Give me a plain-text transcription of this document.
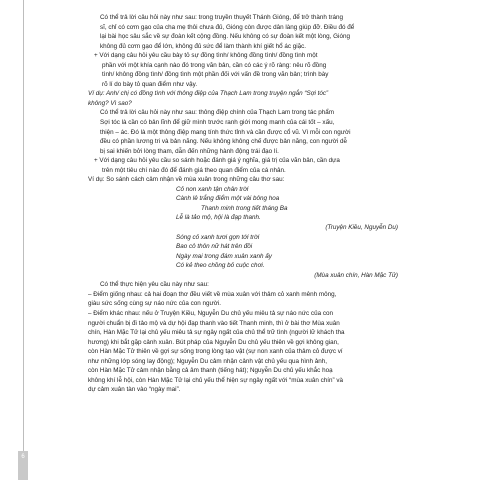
6

Có thể trả lời câu hỏi này như sau: trong truyền thuyết Thánh Gióng, để trở thành tráng
sĩ, chỉ có cơm gạo của cha mẹ thôi chưa đủ, Gióng còn được dân làng giúp đỡ. Điều đó để
lại bài học sâu sắc về sự đoàn kết cộng đồng. Nếu không có sự đoàn kết một lòng, Gióng
không đủ cơm gạo để lớn, không đủ sức để làm thành khí giết hổ ác giặc.

+ Với dạng câu hỏi yêu cầu bày tỏ sự đồng tình/ không đồng tình/ đồng tình một
phần với một khía cạnh nào đó trong văn bản, cần có các ý rõ ràng: nêu rõ đồng
tình/ không đồng tình/ đồng tình một phần đối với vấn đề trong văn bản; trình bày
rõ lí do bày tỏ quan điểm như vậy.

Ví dụ: Anh/ chị có đồng tình với thông điệp của Thạch Lam trong truyện ngắn “Sợi tóc”
không? Vì sao?

Có thể trả lời câu hỏi này như sau: thông điệp chính của Thạch Lam trong tác phẩm
Sợi tóc là cần có bản lĩnh để giữ mình trước ranh giới mong manh của cái tốt – xấu,
thiện – ác. Đó là một thông điệp mang tính thức tỉnh và cần được cổ vũ. Vì mỗi con người
đều có phần lương tri và bản năng. Nếu không không chế được bản năng, con người dễ
bị sai khiến bởi lòng tham, dẫn đến những hành động trái đạo lí.

+ Với dạng câu hỏi yêu cầu so sánh hoặc đánh giá ý nghĩa, giá trị của văn bản, cần dựa
trên một tiêu chí nào đó để đánh giá theo quan điểm của cá nhân.

Ví dụ: So sánh cách cảm nhận về mùa xuân trong những câu thơ sau:

Cỏ non xanh tận chân trời
Cành lê trắng điểm một vài bông hoa
Thanh minh trong tiết tháng Ba
Lễ là tảo mộ, hội là đạp thanh.
(Truyện Kiều, Nguyễn Du)
Sóng cỏ xanh tươi gợn tới trời
Bao cô thôn nữ hát trên đồi
Ngày mai trong đám xuân xanh ấy
Có kẻ theo chồng bỏ cuộc chơi.
(Mùa xuân chín, Hàn Mặc Tử)

Có thể thực hiện yêu cầu này như sau:

– Điểm giống nhau: cả hai đoạn thơ đều viết về mùa xuân với thảm cỏ xanh mênh mông,
giàu sức sống cùng sự náo nức của con người.

– Điểm khác nhau: nếu ở Truyện Kiều, Nguyễn Du chủ yếu miêu tả sự náo nức của con
người chuẩn bị đi tảo mộ và dự hội đạp thanh vào tiết Thanh minh, thì ở bài thơ Mùa xuân
chín, Hàn Mặc Tử lại chủ yếu miêu tả sự ngây ngất của chủ thể trữ tình (người lữ khách tha
hương) khi bắt gặp cảnh xuân. Bút pháp của Nguyễn Du chủ yếu thiên về gợi không gian,
còn Hàn Mặc Tử thiên về gợi sự sống trong lòng tạo vật (sự non xanh của thảm cỏ được ví
như những lớp sóng lay động); Nguyễn Du cảm nhận cảnh vật chủ yếu qua hình ảnh,
còn Hàn Mặc Tử cảm nhận bằng cả âm thanh (tiếng hát); Nguyễn Du chủ yếu khắc hoạ
không khí lễ hội, còn Hàn Mặc Tử lại chủ yếu thể hiện sự ngây ngất với “mùa xuân chín” và
dự cảm xuân tàn vào “ngày mai”.
